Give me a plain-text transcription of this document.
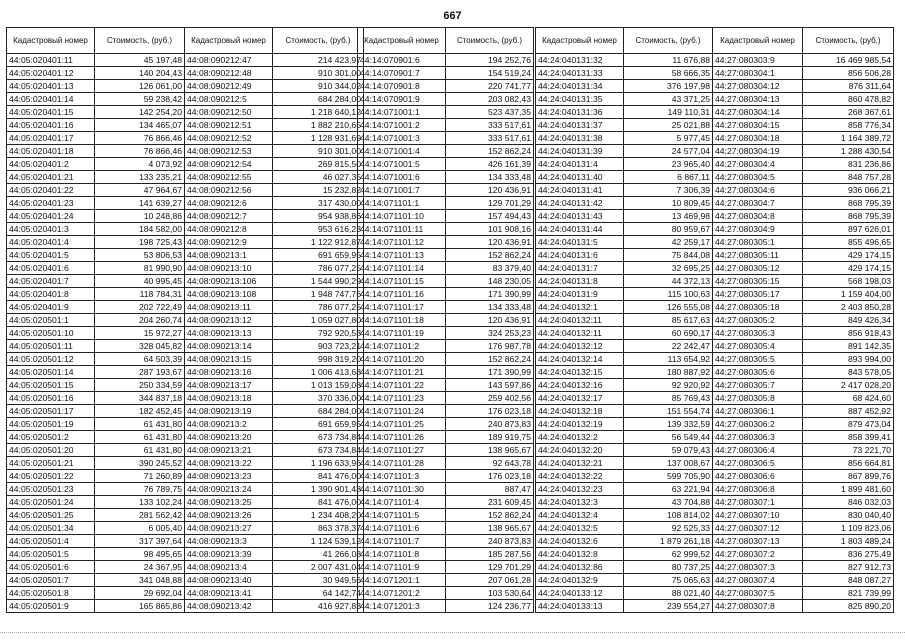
667
Кадастровый номер	Стоимость, (руб.)
44:05:020401:11	45 197,48
44:05:020401:12	140 204,43
44:05:020401:13	126 061,00
44:05:020401:14	59 238,42
44:05:020401:15	142 254,20
44:05:020401:16	134 465,07
44:05:020401:17	76 866,46
44:05:020401:18	76 866,46
44:05:020401:2	4 073,92
44:05:020401:21	133 235,21
44:05:020401:22	47 964,67
44:05:020401:23	141 639,27
44:05:020401:24	10 248,86
44:05:020401:3	184 582,00
44:05:020401:4	198 725,43
44:05:020401:5	53 806,53
44:05:020401:6	81 990,90
44:05:020401:7	40 995,45
44:05:020401:8	118 784,31
44:05:020401:9	202 722,49
44:05:020501:1	204 260,74
44:05:020501:10	15 972,27
44:05:020501:11	328 045,82
44:05:020501:12	64 503,39
44:05:020501:14	287 193,67
44:05:020501:15	250 334,59
44:05:020501:16	344 837,18
44:05:020501:17	182 452,45
44:05:020501:19	61 431,80
44:05:020501:2	61 431,80
44:05:020501:20	61 431,80
44:05:020501:21	390 245,52
44:05:020501:22	71 260,89
44:05:020501:23	76 789,75
44:05:020501:24	133 102,24
44:05:020501:25	281 562,42
44:05:020501:34	6 005,40
44:05:020501:4	317 397,64
44:05:020501:5	98 495,65
44:05:020501:6	24 367,95
44:05:020501:7	341 048,88
44:05:020501:8	29 692,04
44:05:020501:9	165 865,86
Кадастровый номер	Стоимость, (руб.)
44:08:090212:47	214 423,97
44:08:090212:48	910 301,00
44:08:090212:49	910 344,02
44:08:090212:5	684 284,00
44:08:090212:50	1 218 640,12
44:08:090212:51	1 882 210,65
44:08:090212:52	1 128 931,69
44:08:090212:53	910 301,00
44:08:090212:54	269 815,50
44:08:090212:55	46 027,35
44:08:090212:56	15 232,82
44:08:090212:6	317 430,00
44:08:090212:7	954 938,86
44:08:090212:8	953 616,23
44:08:090212:9	1 122 912,87
44:08:090213:1	691 659,95
44:08:090213:10	786 077,25
44:08:090213:106	1 544 990,29
44:08:090213:108	1 948 747,76
44:08:090213:11	786 077,25
44:08:090213:12	1 059 027,80
44:08:090213:13	792 920,58
44:08:090213:14	903 723,21
44:08:090213:15	998 319,20
44:08:090213:16	1 006 413,68
44:08:090213:17	1 013 159,08
44:08:090213:18	370 336,00
44:08:090213:19	684 284,00
44:08:090213:2	691 659,95
44:08:090213:20	673 734,84
44:08:090213:21	673 734,84
44:08:090213:22	1 196 633,96
44:08:090213:23	841 476,00
44:08:090213:24	1 390 901,48
44:08:090213:25	841 476,00
44:08:090213:26	1 234 408,20
44:08:090213:27	863 378,37
44:08:090213:3	1 124 539,12
44:08:090213:39	41 266,08
44:08:090213:4	2 007 431,04
44:08:090213:40	30 949,56
44:08:090213:41	64 142,74
44:08:090213:42	416 927,83
Кадастровый номер	Стоимость, (руб.)
44:14:070901:6	194 252,76
44:14:070901:7	154 519,24
44:14:070901:8	220 741,77
44:14:070901:9	203 082,43
44:14:071001:1	523 437,35
44:14:071001:2	333 517,61
44:14:071001:3	333 517,61
44:14:071001:4	152 862,24
44:14:071001:5	426 161,39
44:14:071001:6	134 333,48
44:14:071001:7	120 436,91
44:14:071101:1	129 701,29
44:14:071101:10	157 494,43
44:14:071101:11	101 908,16
44:14:071101:12	120 436,91
44:14:071101:13	152 862,24
44:14:071101:14	83 379,40
44:14:071101:15	148 230,05
44:14:071101:16	171 390,99
44:14:071101:17	134 333,48
44:14:071101:18	120 436,91
44:14:071101:19	324 253,23
44:14:071101:2	176 987,78
44:14:071101:20	152 862,24
44:14:071101:21	171 390,99
44:14:071101:22	143 597,86
44:14:071101:23	259 402,56
44:14:071101:24	176 023,18
44:14:071101:25	240 873,83
44:14:071101:26	189 919,75
44:14:071101:27	138 965,67
44:14:071101:28	92 643,78
44:14:071101:3	176 023,18
44:14:071101:30	887,47
44:14:071101:4	231 609,45
44:14:071101:5	152 862,24
44:14:071101:6	138 965,67
44:14:071101:7	240 873,83
44:14:071101:8	185 287,56
44:14:071101:9	129 701,29
44:14:071201:1	207 061,28
44:14:071201:2	103 530,64
44:14:071201:3	124 236,77
Кадастровый номер	Стоимость, (руб.)
44:24:040131:32	11 676,88
44:24:040131:33	58 666,35
44:24:040131:34	376 197,98
44:24:040131:35	43 371,25
44:24:040131:36	149 110,31
44:24:040131:37	25 021,88
44:24:040131:38	5 977,45
44:24:040131:39	24 577,04
44:24:040131:4	23 965,40
44:24:040131:40	6 867,11
44:24:040131:41	7 306,39
44:24:040131:42	10 809,45
44:24:040131:43	13 469,98
44:24:040131:44	80 959,67
44:24:040131:5	42 259,17
44:24:040131:6	75 844,08
44:24:040131:7	32 695,25
44:24:040131:8	44 372,13
44:24:040131:9	115 100,63
44:24:040132:1	126 555,08
44:24:040132:11	85 617,63
44:24:040132:11	60 690,17
44:24:040132:12	22 242,47
44:24:040132:14	113 654,92
44:24:040132:15	180 887,92
44:24:040132:16	92 920,92
44:24:040132:17	85 769,43
44:24:040132:18	151 554,74
44:24:040132:19	139 332,59
44:24:040132:2	56 549,44
44:24:040132:20	59 079,43
44:24:040132:21	137 008,67
44:24:040132:22	599 705,90
44:24:040132:23	63 221,94
44:24:040132:3	43 704,88
44:24:040132:4	108 814,02
44:24:040132:5	92 525,33
44:24:040132:6	1 879 261,18
44:24:040132:8	62 999,52
44:24:040132:86	80 737,25
44:24:040132:9	75 065,63
44:24:040133:12	88 021,40
44:24:040133:13	239 554,27
Кадастровый номер	Стоимость, (руб.)
44:27:080303:9	16 469 985,54
44:27:080304:1	856 506,28
44:27:080304:12	876 311,64
44:27:080304:13	860 478,82
44:27:080304:14	268 367,61
44:27:080304:15	858 776,34
44:27:080304:18	1 164 389,72
44:27:080304:19	1 288 430,54
44:27:080304:4	831 236,86
44:27:080304:5	848 757,28
44:27:080304:6	936 066,21
44:27:080304:7	868 795,39
44:27:080304:8	868 795,39
44:27:080304:9	897 626,01
44:27:080305:1	855 496,65
44:27:080305:11	429 174,15
44:27:080305:12	429 174,15
44:27:080305:15	568 198,03
44:27:080305:17	1 159 404,00
44:27:080305:18	2 403 850,28
44:27:080305:2	849 426,34
44:27:080305:3	856 918,43
44:27:080305:4	891 142,35
44:27:080305:5	893 994,00
44:27:080305:6	843 578,05
44:27:080305:7	2 417 028,20
44:27:080305:8	68 424,60
44:27:080306:1	887 452,92
44:27:080306:2	879 473,04
44:27:080306:3	858 399,41
44:27:080306:4	73 221,70
44:27:080306:5	856 664,81
44:27:080306:6	867 899,76
44:27:080306:8	1 899 481,60
44:27:080307:1	846 032,03
44:27:080307:10	830 040,40
44:27:080307:12	1 109 823,06
44:27:080307:13	1 803 489,24
44:27:080307:2	836 275,49
44:27:080307:3	827 912,73
44:27:080307:4	848 087,27
44:27:080307:5	821 739,99
44:27:080307:8	825 890,20
